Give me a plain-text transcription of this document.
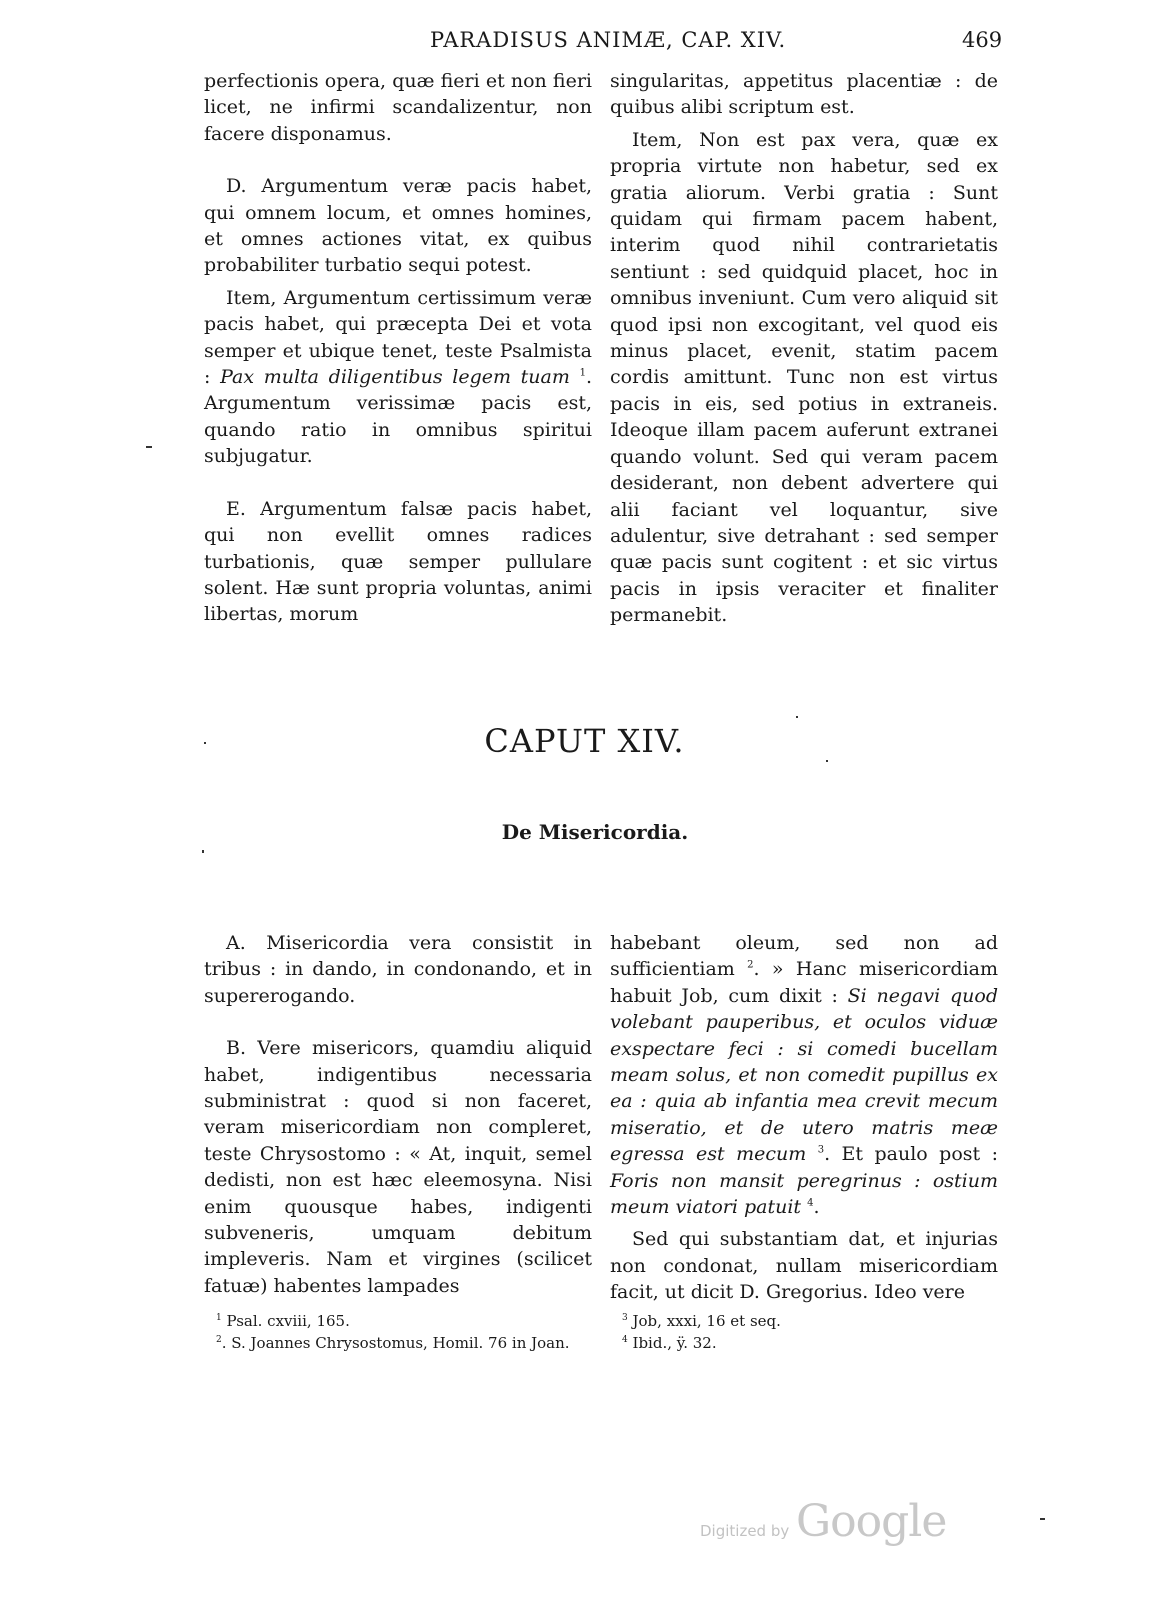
PARADISUS ANIMÆ, CAP. XIV.	469

perfectionis opera, quæ fieri et non fieri licet, ne infirmi scandalizentur, non facere disponamus.

D. Argumentum veræ pacis habet, qui omnem locum, et omnes homines, et omnes actiones vitat, ex quibus probabiliter turbatio sequi potest.

Item, Argumentum certissimum veræ pacis habet, qui præcepta Dei et vota semper et ubique tenet, teste Psalmista : Pax multa diligentibus legem tuam $^1$. Argumentum verissimæ pacis est, quando ratio in omnibus spiritui subjugatur.

E. Argumentum falsæ pacis habet, qui non evellit omnes radices turbationis, quæ semper pullulare solent. Hæ sunt propria voluntas, animi libertas, morum

singularitas, appetitus placentiæ : de quibus alibi scriptum est.

Item, Non est pax vera, quæ ex propria virtute non habetur, sed ex gratia aliorum. Verbi gratia : Sunt quidam qui firmam pacem habent, interim quod nihil contrarietatis sentiunt : sed quidquid placet, hoc in omnibus inveniunt. Cum vero aliquid sit quod ipsi non excogitant, vel quod eis minus placet, evenit, statim pacem cordis amittunt. Tunc non est virtus pacis in eis, sed potius in extraneis. Ideoque illam pacem auferunt extranei quando volunt. Sed qui veram pacem desiderant, non debent advertere qui alii faciant vel loquantur, sive adulentur, sive detrahant : sed semper quæ pacis sunt cogitent : et sic virtus pacis in ipsis veraciter et finaliter permanebit.

CAPUT XIV.
De Misericordia.

A. Misericordia vera consistit in tribus : in dando, in condonando, et in supererogando.

B. Vere misericors, quamdiu aliquid habet, indigentibus necessaria subministrat : quod si non faceret, veram misericordiam non compleret, teste Chrysostomo : « At, inquit, semel dedisti, non est hæc eleemosyna. Nisi enim quousque habes, indigenti subveneris, umquam debitum impleveris. Nam et virgines (scilicet fatuæ) habentes lampades

habebant oleum, sed non ad sufficientiam $^2$. » Hanc misericordiam habuit Job, cum dixit : Si negavi quod volebant pauperibus, et oculos viduæ exspectare feci : si comedi bucellam meam solus, et non comedit pupillus ex ea : quia ab infantia mea crevit mecum miseratio, et de utero matris meæ egressa est mecum $^3$. Et paulo post : Foris non mansit peregrinus : ostium meum viatori patuit $^4$.

Sed qui substantiam dat, et injurias non condonat, nullam misericordiam facit, ut dicit D. Gregorius. Ideo vere

$^1$ Psal. cxviii, 165.
$^2$. S. Joannes Chrysostomus, Homil. 76 in Joan.
$^3$ Job, xxxi, 16 et seq.
$^4$ Ibid., ÿ. 32.
Digitized by Google
